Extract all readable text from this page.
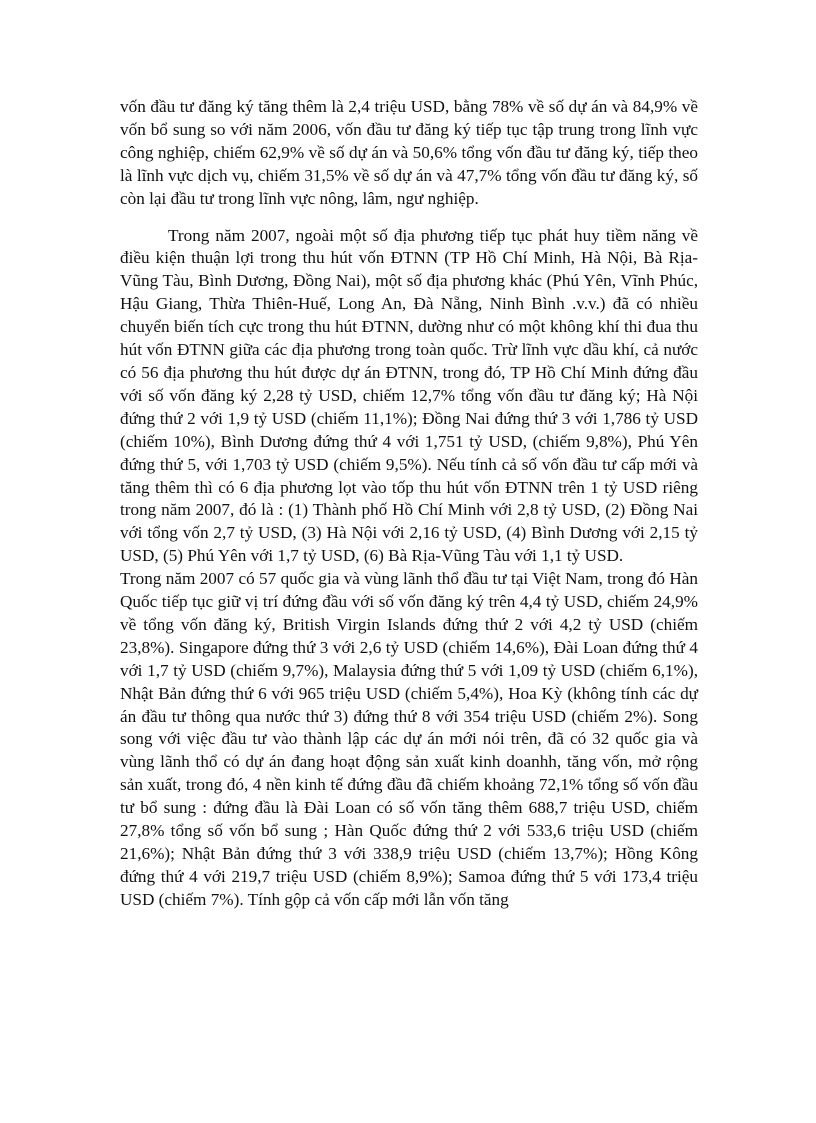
vốn đầu tư đăng ký tăng thêm là 2,4 triệu USD, bằng 78% về số dự án và 84,9% về vốn bổ sung so với năm 2006, vốn đầu tư đăng ký tiếp tục tập trung trong lĩnh vực công nghiệp, chiếm 62,9% về số dự án và 50,6% tổng vốn đầu tư đăng ký, tiếp theo là lĩnh vực dịch vụ, chiếm 31,5% về số dự án và 47,7% tổng vốn đầu tư đăng ký, số còn lại đầu tư trong lĩnh vực nông, lâm, ngư nghiệp.

Trong năm 2007, ngoài một số địa phương tiếp tục phát huy tiềm năng về điều kiện thuận lợi trong thu hút vốn ĐTNN (TP Hồ Chí Minh, Hà Nội, Bà Rịa-Vũng Tàu, Bình Dương, Đồng Nai), một số địa phương khác (Phú Yên, Vĩnh Phúc, Hậu Giang, Thừa Thiên-Huế, Long An, Đà Nẵng, Ninh Bình .v.v.) đã có nhiều chuyển biến tích cực trong thu hút ĐTNN, dường như có một không khí thi đua thu hút vốn ĐTNN giữa các địa phương trong toàn quốc. Trừ lĩnh vực dầu khí, cả nước có 56 địa phương thu hút được dự án ĐTNN, trong đó, TP Hồ Chí Minh đứng đầu với số vốn đăng ký 2,28 tỷ USD, chiếm 12,7% tổng vốn đầu tư đăng ký; Hà Nội đứng thứ 2 với 1,9 tỷ USD (chiếm 11,1%); Đồng Nai đứng thứ 3 với 1,786 tỷ USD (chiếm 10%), Bình Dương đứng thứ 4 với 1,751 tỷ USD, (chiếm 9,8%), Phú Yên đứng thứ 5, với 1,703 tỷ USD (chiếm 9,5%). Nếu tính cả số vốn đầu tư cấp mới và tăng thêm thì có 6 địa phương lọt vào tốp thu hút vốn ĐTNN trên 1 tỷ USD riêng trong năm 2007, đó là : (1) Thành phố Hồ Chí Minh với 2,8 tỷ USD, (2) Đồng Nai với tổng vốn 2,7 tỷ USD, (3) Hà Nội với 2,16 tỷ USD, (4) Bình Dương với 2,15 tỷ USD, (5) Phú Yên với 1,7 tỷ USD, (6) Bà Rịa-Vũng Tàu với 1,1 tỷ USD.

Trong năm 2007 có 57 quốc gia và vùng lãnh thổ đầu tư tại Việt Nam, trong đó Hàn Quốc tiếp tục giữ vị trí đứng đầu với số vốn đăng ký trên 4,4 tỷ USD, chiếm 24,9% về tổng vốn đăng ký, British Virgin Islands đứng thứ 2 với 4,2 tỷ USD (chiếm 23,8%). Singapore đứng thứ 3 với 2,6 tỷ USD (chiếm 14,6%), Đài Loan đứng thứ 4 với 1,7 tỷ USD (chiếm 9,7%), Malaysia đứng thứ 5 với 1,09 tỷ USD (chiếm 6,1%), Nhật Bản đứng thứ 6 với 965 triệu USD (chiếm 5,4%), Hoa Kỳ (không tính các dự án đầu tư thông qua nước thứ 3) đứng thứ 8 với 354 triệu USD (chiếm 2%). Song song với việc đầu tư vào thành lập các dự án mới nói trên, đã có 32 quốc gia và vùng lãnh thổ có dự án đang hoạt động sản xuất kinh doanhh, tăng vốn, mở rộng sản xuất, trong đó, 4 nền kinh tế đứng đầu đã chiếm khoảng 72,1% tổng số vốn đầu tư bổ sung : đứng đầu là Đài Loan có số vốn tăng thêm 688,7 triệu USD, chiếm 27,8% tổng số vốn bổ sung ; Hàn Quốc đứng thứ 2 với 533,6 triệu USD (chiếm 21,6%); Nhật Bản đứng thứ 3 với 338,9 triệu USD (chiếm 13,7%); Hồng Kông đứng thứ 4 với 219,7 triệu USD (chiếm 8,9%); Samoa đứng thứ 5 với 173,4 triệu USD (chiếm 7%). Tính gộp cả vốn cấp mới lẫn vốn tăng
